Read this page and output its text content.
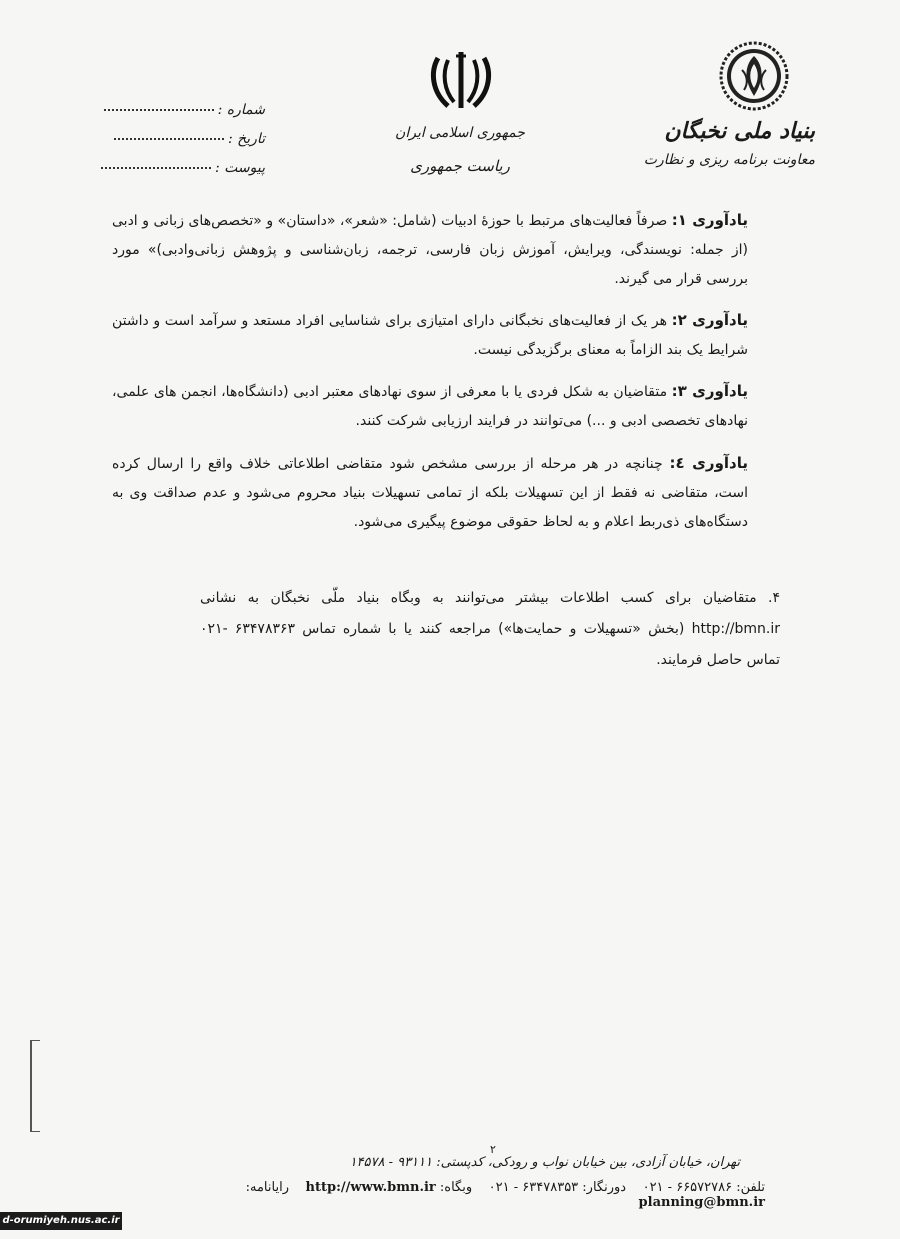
بنیاد ملی نخبگان
معاونت برنامه ریزی و نظارت
جمهوری اسلامی ایران
ریاست جمهوری
شماره :
تاریخ :
پیوست :
یادآوری ۱: صرفاً فعالیت‌های مرتبط با حوزۀ ادبیات (شامل: «شعر»، «داستان» و «تخصص‌های زبانی و ادبی (از جمله: نویسندگی، ویرایش، آموزش زبان فارسی، ترجمه، زبان‌شناسی و پژوهش زبانی‌وادبی)» مورد بررسی قرار می گیرند.
یادآوری ۲: هر یک از فعالیت‌های نخبگانی دارای امتیازی برای شناسایی افراد مستعد و سرآمد است و داشتن شرایط یک بند الزاماً به معنای برگزیدگی نیست.
یادآوری ۳: متقاضیان به شکل فردی یا با معرفی از سوی نهادهای معتبر ادبی (دانشگاه‌ها، انجمن های علمی، نهادهای تخصصی ادبی و ...) می‌توانند در فرایند ارزیابی شرکت کنند.
یادآوری ٤: چنانچه در هر مرحله از بررسی مشخص شود متقاضی اطلاعاتی خلاف واقع را ارسال کرده است، متقاضی نه فقط از این تسهیلات بلکه از تمامی تسهیلات بنیاد محروم می‌شود و عدم صداقت وی به دستگاه‌های ذی‌ربط اعلام و به لحاظ حقوقی موضوع پیگیری می‌شود.
۴. متقاضیان برای کسب اطلاعات بیشتر می‌توانند به وبگاه بنیاد ملّی نخبگان به نشانی http://bmn.ir (بخش «تسهیلات و حمایت‌ها») مراجعه کنند یا با شماره تماس ۶۳۴۷۸۳۶۳ -۰۲۱ تماس حاصل فرمایند.
۲
تهران، خیابان آزادی، بین خیابان نواب و رودکی، کدپستی: ۹۳۱۱۱ - ۱۴۵۷۸
تلفن: ۶۶۵۷۲۷۸۶ - ۰۲۱    دورنگار: ۶۳۴۷۸۳۵۳ - ۰۲۱    وبگاه: http://www.bmn.ir    رایانامه: planning@bmn.ir
d-orumiyeh.nus.ac.ir
